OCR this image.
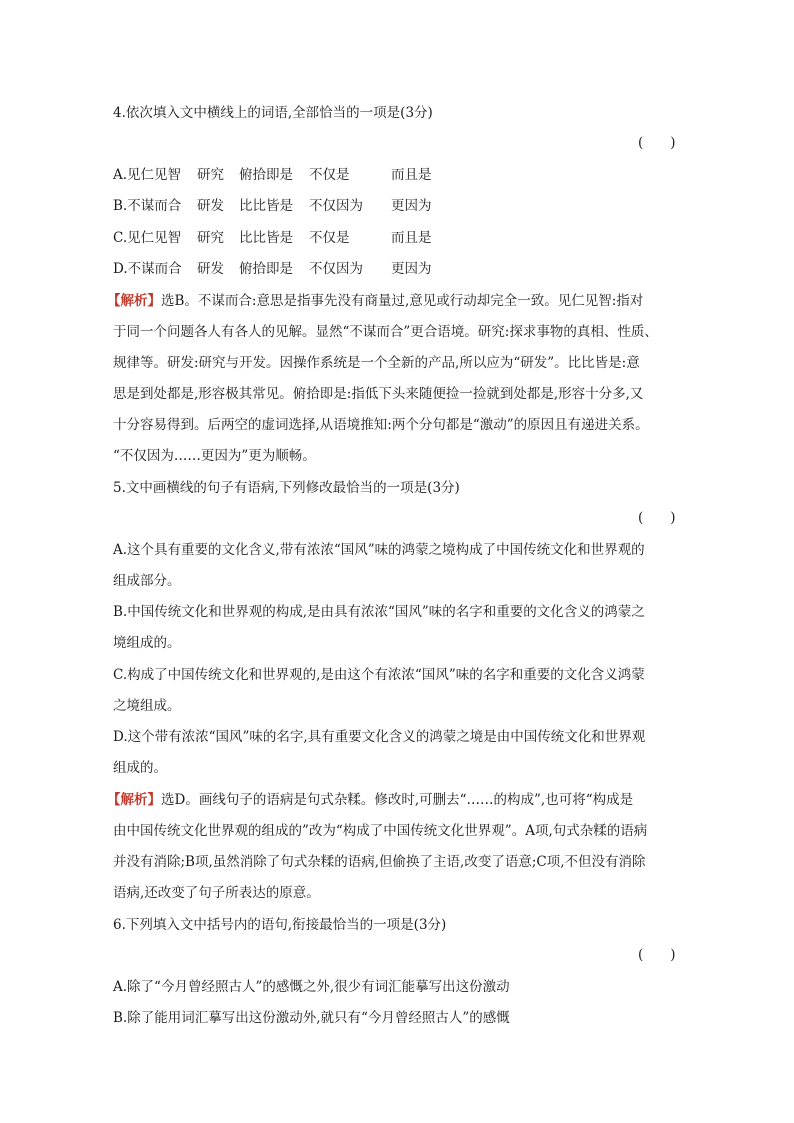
4.依次填入文中横线上的词语,全部恰当的一项是(3分)
(　　)
A.见仁见智 研究 俯拾即是 不仅是	而且是
B.不谋而合 研发 比比皆是 不仅因为 更因为
C.见仁见智 研究 比比皆是 不仅是	而且是
D.不谋而合 研发 俯拾即是 不仅因为 更因为
【解析】选B。不谋而合:意思是指事先没有商量过,意见或行动却完全一致。见仁见智:指对
于同一个问题各人有各人的见解。显然“不谋而合”更合语境。研究:探求事物的真相、性质、
规律等。研发:研究与开发。因操作系统是一个全新的产品,所以应为“研发”。比比皆是:意
思是到处都是,形容极其常见。俯拾即是:指低下头来随便捡一捡就到处都是,形容十分多,又
十分容易得到。后两空的虚词选择,从语境推知:两个分句都是“激动”的原因且有递进关系。
“不仅因为……更因为”更为顺畅。
5.文中画横线的句子有语病,下列修改最恰当的一项是(3分)
(　　)
A.这个具有重要的文化含义,带有浓浓“国风”味的鸿蒙之境构成了中国传统文化和世界观的
组成部分。
B.中国传统文化和世界观的构成,是由具有浓浓“国风”味的名字和重要的文化含义的鸿蒙之
境组成的。
C.构成了中国传统文化和世界观的,是由这个有浓浓“国风”味的名字和重要的文化含义鸿蒙
之境组成。
D.这个带有浓浓“国风”味的名字,具有重要文化含义的鸿蒙之境是由中国传统文化和世界观
组成的。
【解析】选D。画线句子的语病是句式杂糅。修改时,可删去“……的构成”,也可将“构成是
由中国传统文化世界观的组成的”改为“构成了中国传统文化世界观”。A项,句式杂糅的语病
并没有消除;B项,虽然消除了句式杂糅的语病,但偷换了主语,改变了语意;C项,不但没有消除
语病,还改变了句子所表达的原意。
6.下列填入文中括号内的语句,衔接最恰当的一项是(3分)
(　　)
A.除了“今月曾经照古人”的感慨之外,很少有词汇能摹写出这份激动
B.除了能用词汇摹写出这份激动外,就只有“今月曾经照古人”的感慨
